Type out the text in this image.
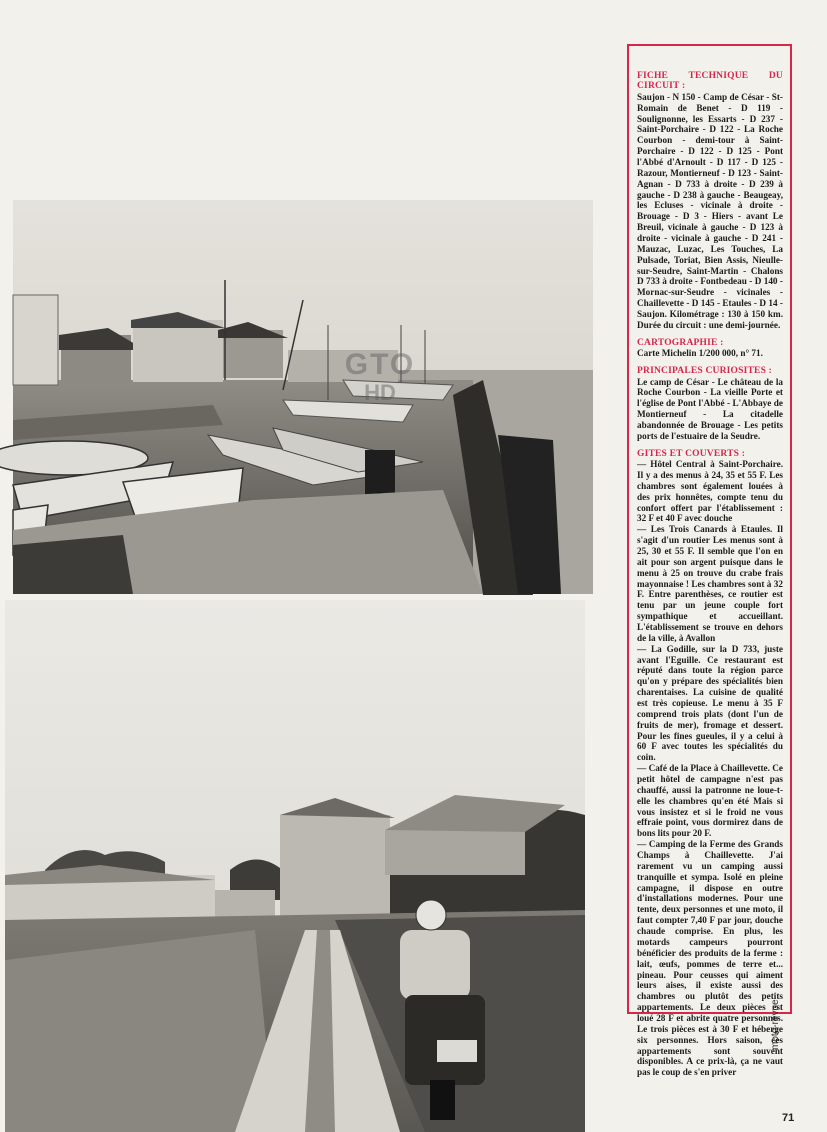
GTO
HD
FICHE TECHNIQUE DU CIRCUIT :

Saujon - N 150 - Camp de César - St-Romain de Benet - D 119 - Soulignonne, les Essarts - D 237 - Saint-Porchaire - D 122 - La Roche Courbon - demi-tour à Saint-Porchaire - D 122 - D 125 - Pont l'Abbé d'Arnoult - D 117 - D 125 - Razour, Montierneuf - D 123 - Saint-Agnan - D 733 à droite - D 239 à gauche - D 238 à gauche - Beaugeay, les Ecluses - vicinale à droite - Brouage - D 3 - Hiers - avant Le Breuil, vicinale à gauche - D 123 à droite - vicinale à gauche - D 241 - Mauzac, Luzac, Les Touches, La Pulsade, Toriat, Bien Assis, Nieulle-sur-Seudre, Saint-Martin - Chalons D 733 à droite - Fontbedeau - D 140 - Mornac-sur-Seudre - vicinales - Chaillevette - D 145 - Etaules - D 14 - Saujon. Kilométrage : 130 à 150 km. Durée du circuit : une demi-journée.

CARTOGRAPHIE :

Carte Michelin 1/200 000, n° 71.

PRINCIPALES CURIOSITES :

Le camp de César - Le château de la Roche Courbon - La vieille Porte et l'église de Pont l'Abbé - L'Abbaye de Montierneuf - La citadelle abandonnée de Brouage - Les petits ports de l'estuaire de la Seudre.

GITES ET COUVERTS :

— Hôtel Central à Saint-Porchaire. Il y a des menus à 24, 35 et 55 F. Les chambres sont également louées à des prix honnêtes, compte tenu du confort offert par l'établissement : 32 F et 40 F avec douche

— Les Trois Canards à Etaules. Il s'agit d'un routier Les menus sont à 25, 30 et 55 F. Il semble que l'on en ait pour son argent puisque dans le menu à 25 on trouve du crabe frais mayonnaise ! Les chambres sont à 32 F. Entre parenthèses, ce routier est tenu par un jeune couple fort sympathique et accueillant. L'établissement se trouve en dehors de la ville, à Avallon

— La Godille, sur la D 733, juste avant l'Eguille. Ce restaurant est réputé dans toute la région parce qu'on y prépare des spécialités bien charentaises. La cuisine de qualité est très copieuse. Le menu à 35 F comprend trois plats (dont l'un de fruits de mer), fromage et dessert. Pour les fines gueules, il y a celui à 60 F avec toutes les spécialités du coin.

— Café de la Place à Chaillevette. Ce petit hôtel de campagne n'est pas chauffé, aussi la patronne ne loue-t-elle les chambres qu'en été Mais si vous insistez et si le froid ne vous effraie point, vous dormirez dans de bons lits pour 20 F.

— Camping de la Ferme des Grands Champs à Chaillevette. J'ai rarement vu un camping aussi tranquille et sympa. Isolé en pleine campagne, il dispose en outre d'installations modernes. Pour une tente, deux personnes et une moto, il faut compter 7,40 F par jour, douche chaude comprise. En plus, les motards campeurs pourront bénéficier des produits de la ferme : lait, œufs, pommes de terre et... pineau. Pour ceusses qui aiment leurs aises, il existe aussi des chambres ou plutôt des petits appartements. Le deux pièces est loué 28 F et abrite quatre personnes. Le trois pièces est à 30 F et héberge six personnes. Hors saison, ces appartements sont souvent disponibles. A ce prix-là, ça ne vaut pas le coup de s'en priver

moto-revue
71
